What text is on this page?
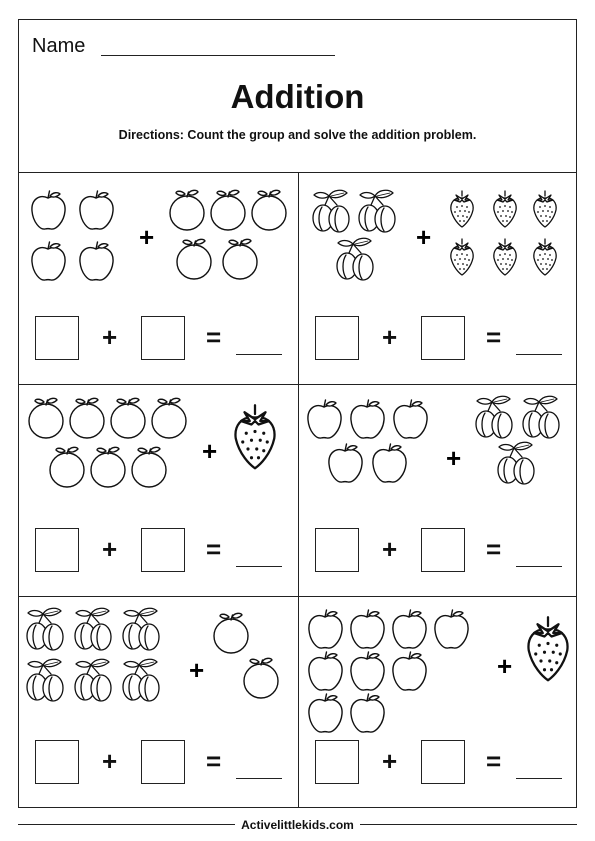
Name
Addition
Directions: Count the group and solve the addition problem.
+
+	=
+
+	=
+
+	=
+
+	=
+
+	=
+
+	=
Activelittlekids.com
